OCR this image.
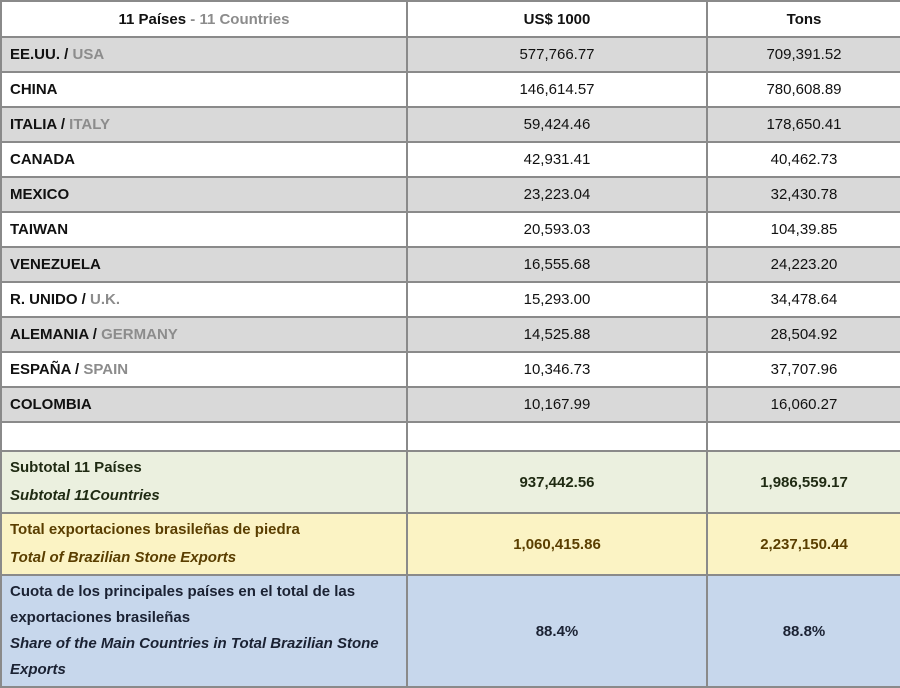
11 Países - 11 Countries	US$ 1000	Tons
EE.UU. / USA	577,766.77	709,391.52
CHINA	146,614.57	780,608.89
ITALIA / ITALY	59,424.46	178,650.41
CANADA	42,931.41	40,462.73
MEXICO	23,223.04	32,430.78
TAIWAN	20,593.03	104,39.85
VENEZUELA	16,555.68	24,223.20
R. UNIDO / U.K.	15,293.00	34,478.64
ALEMANIA / GERMANY	14,525.88	28,504.92
ESPAÑA / SPAIN	10,346.73	37,707.96
COLOMBIA	10,167.99	16,060.27

Subtotal 11 Países
Subtotal 11Countries	937,442.56	1,986,559.17

Total exportaciones brasileñas de piedra
Total of Brazilian Stone Exports	1,060,415.86	2,237,150.44

Cuota de los principales países en el total de las exportaciones brasileñas
Share of the Main Countries in Total Brazilian Stone Exports	88.4%	88.8%
